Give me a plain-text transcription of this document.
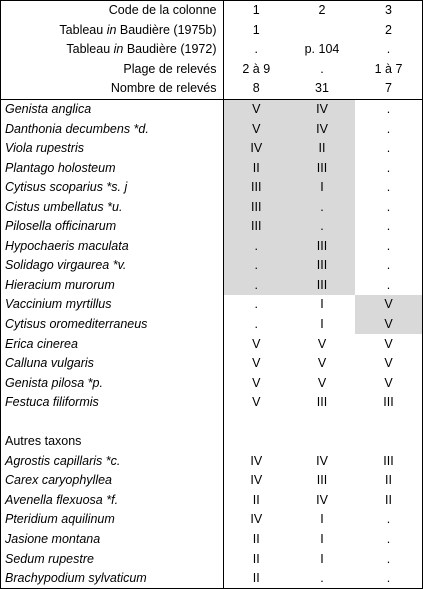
Code de la colonne	1	2	3
Tableau in Baudière (1975b)	1		2
Tableau in Baudière (1972)	.	p. 104	.
Plage de relevés	2 à 9	.	1 à 7
Nombre de relevés	8	31	7
Genista anglica	V	IV	.
Danthonia decumbens *d.	V	IV	.
Viola rupestris	IV	II	.
Plantago holosteum	II	III	.
Cytisus scoparius *s. j	III	I	.
Cistus umbellatus *u.	III	.	.
Pilosella officinarum	III	.	.
Hypochaeris maculata	.	III	.
Solidago virgaurea *v.	.	III	.
Hieracium murorum	.	III	.
Vaccinium myrtillus	.	I	V
Cytisus oromediterraneus	.	I	V
Erica cinerea	V	V	V
Calluna vulgaris	V	V	V
Genista pilosa *p.	V	V	V
Festuca filiformis	V	III	III

Autres taxons			
Agrostis capillaris *c.	IV	IV	III
Carex caryophyllea	IV	III	II
Avenella flexuosa *f.	II	IV	II
Pteridium aquilinum	IV	I	.
Jasione montana	II	I	.
Sedum rupestre	II	I	.
Brachypodium sylvaticum	II	.	.
